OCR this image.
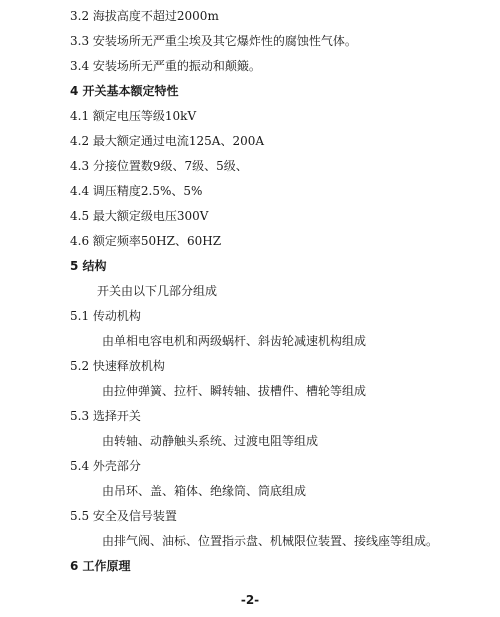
3.2 海拔高度不超过2000m
3.3 安装场所无严重尘埃及其它爆炸性的腐蚀性气体。
3.4 安装场所无严重的振动和颠簸。
4 开关基本额定特性
4.1 额定电压等级10kV
4.2 最大额定通过电流125A、200A
4.3 分接位置数9级、7级、5级、
4.4 调压精度2.5%、5%
4.5 最大额定级电压300V
4.6 额定频率50HZ、60HZ
5 结构
开关由以下几部分组成
5.1 传动机构
由单相电容电机和两级蜗杆、斜齿轮减速机构组成
5.2 快速释放机构
由拉伸弹簧、拉杆、瞬转轴、拔槽件、槽轮等组成
5.3 选择开关
由转轴、动静触头系统、过渡电阻等组成
5.4 外壳部分
由吊环、盖、箱体、绝缘筒、筒底组成
5.5 安全及信号装置
由排气阀、油标、位置指示盘、机械限位装置、接线座等组成。
6 工作原理
-2-
